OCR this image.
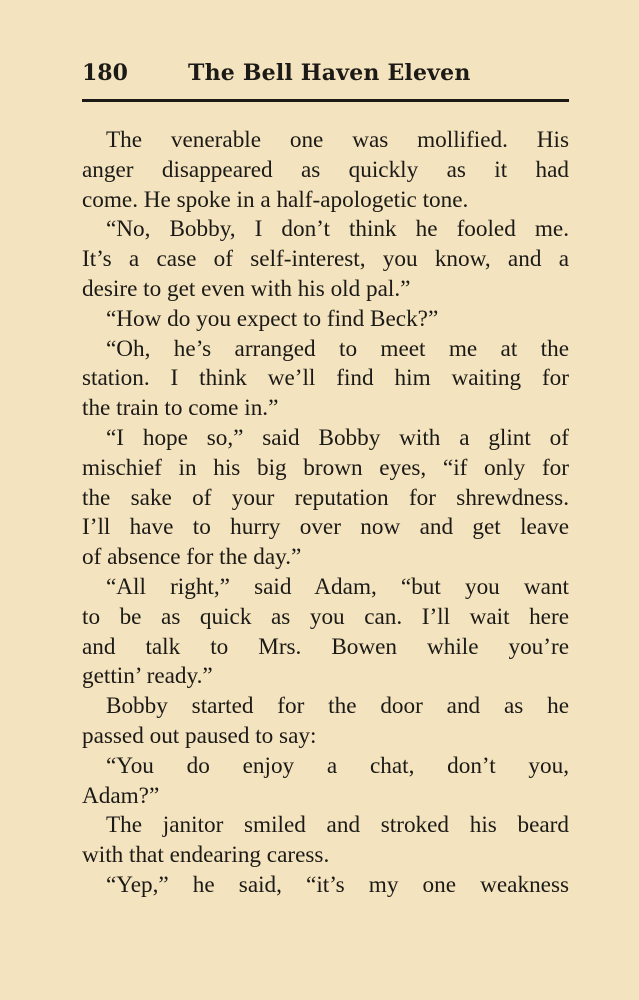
180	The Bell Haven Eleven
The venerable one was mollified. His
anger disappeared as quickly as it had
come. He spoke in a half-apologetic tone.
“No, Bobby, I don’t think he fooled me.
It’s a case of self-interest, you know, and a
desire to get even with his old pal.”
“How do you expect to find Beck?”
“Oh, he’s arranged to meet me at the
station. I think we’ll find him waiting for
the train to come in.”
“I hope so,” said Bobby with a glint of
mischief in his big brown eyes, “if only for
the sake of your reputation for shrewdness.
I’ll have to hurry over now and get leave
of absence for the day.”
“All right,” said Adam, “but you want
to be as quick as you can. I’ll wait here
and talk to Mrs. Bowen while you’re
gettin’ ready.”
Bobby started for the door and as he
passed out paused to say:
“You do enjoy a chat, don’t you,
Adam?”
The janitor smiled and stroked his beard
with that endearing caress.
“Yep,” he said, “it’s my one weakness
